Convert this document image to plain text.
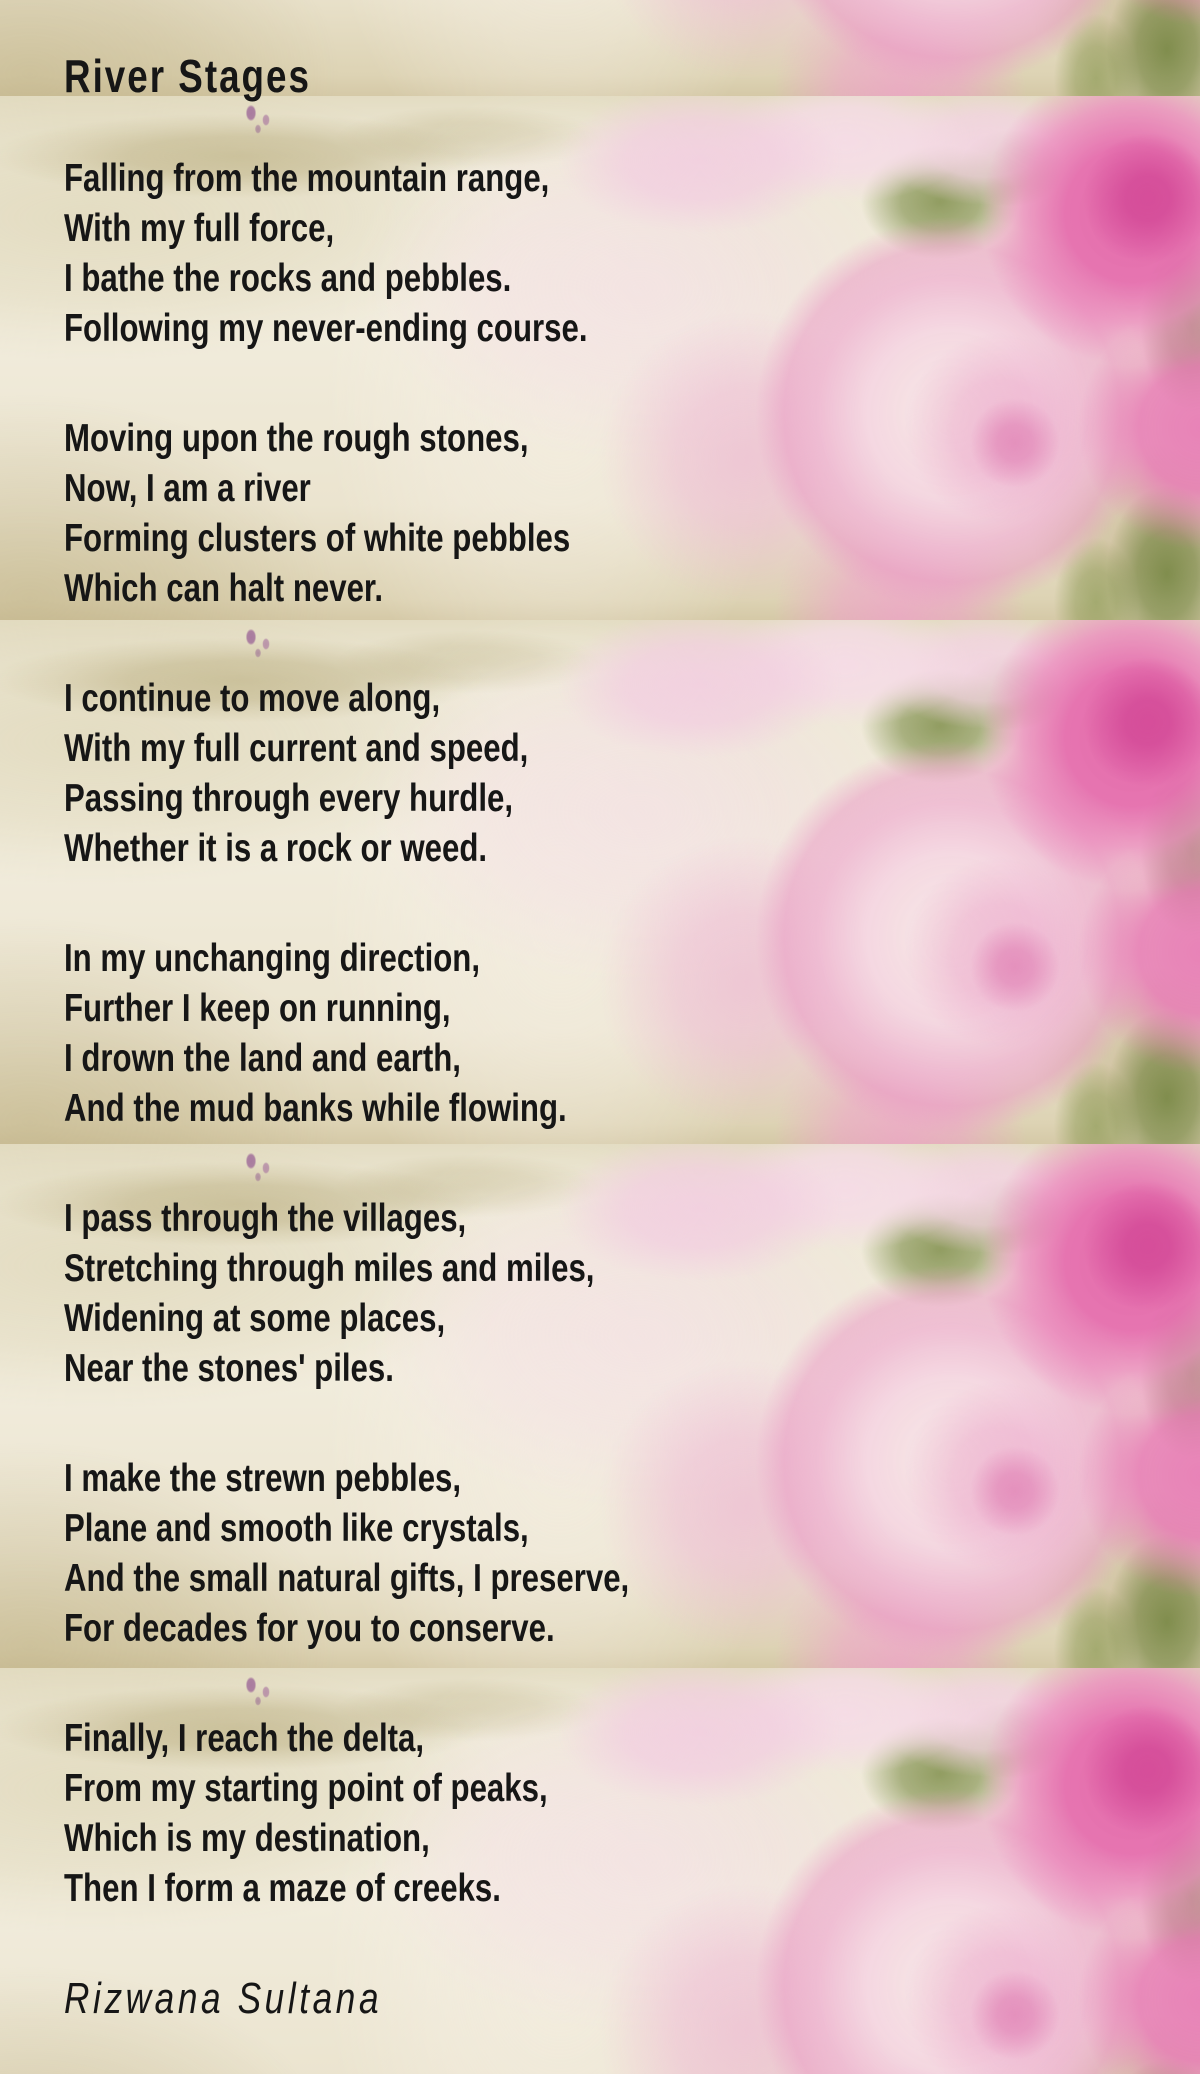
River Stages

Falling from the mountain range,

With my full force,

I bathe the rocks and pebbles.

Following my never-ending course.

Moving upon the rough stones,

Now, I am a river

Forming clusters of white pebbles

Which can halt never.

I continue to move along,

With my full current and speed,

Passing through every hurdle,

Whether it is a rock or weed.

In my unchanging direction,

Further I keep on running,

I drown the land and earth,

And the mud banks while flowing.

I pass through the villages,

Stretching through miles and miles,

Widening at some places,

Near the stones' piles.

I make the strewn pebbles,

Plane and smooth like crystals,

And the small natural gifts, I preserve,

For decades for you to conserve.

Finally, I reach the delta,

From my starting point of peaks,

Which is my destination,

Then I form a maze of creeks.

Rizwana Sultana
